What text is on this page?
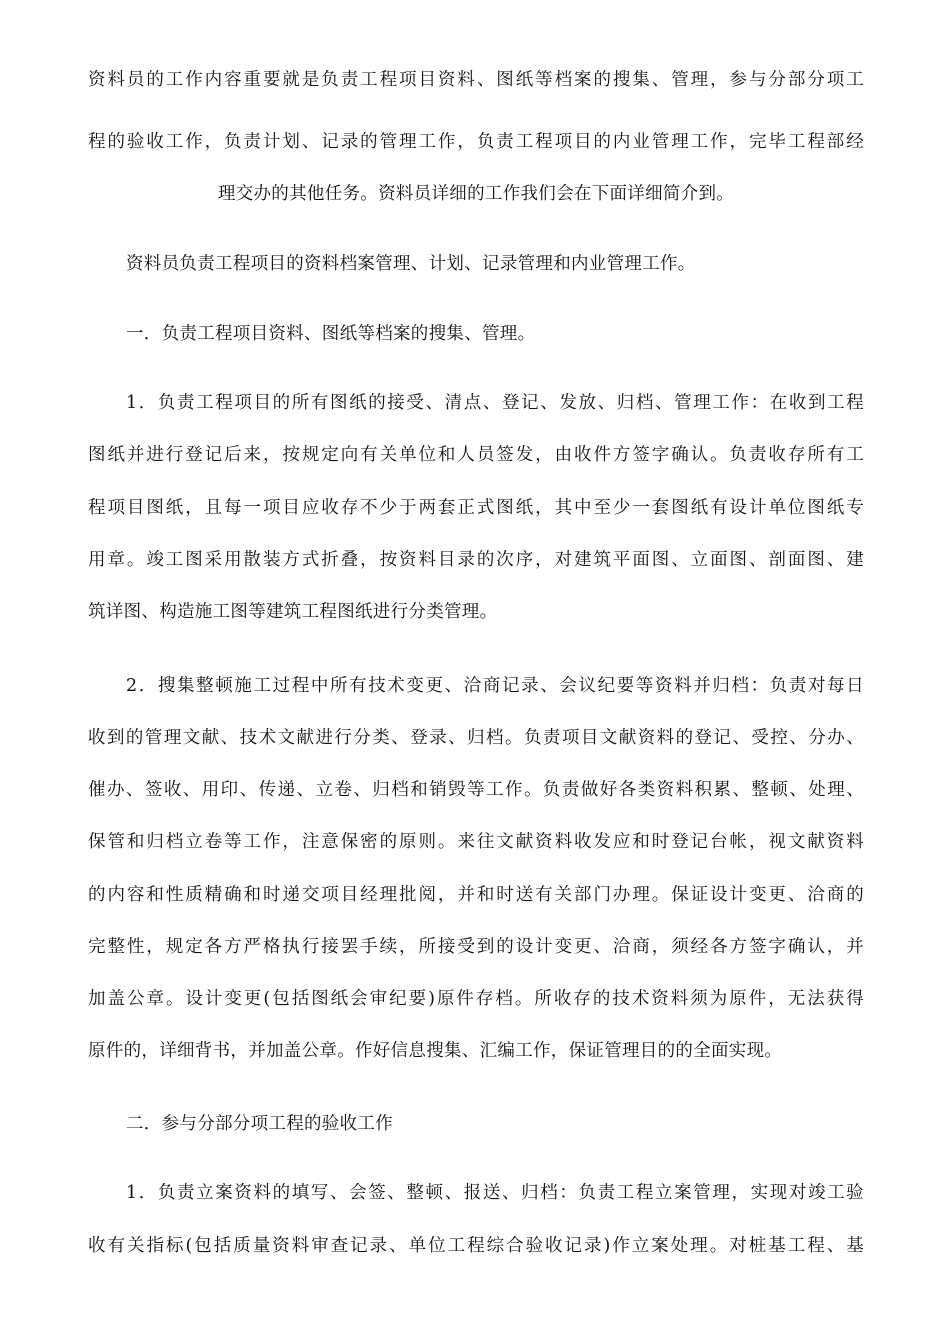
资料员的工作内容重要就是负责工程项目资料、图纸等档案的搜集、管理，参与分部分项工
程的验收工作，负责计划、记录的管理工作，负责工程项目的内业管理工作，完毕工程部经
理交办的其他任务。资料员详细的工作我们会在下面详细简介到。
资料员负责工程项目的资料档案管理、计划、记录管理和内业管理工作。
一．负责工程项目资料、图纸等档案的搜集、管理。
1．负责工程项目的所有图纸的接受、清点、登记、发放、归档、管理工作：在收到工程
图纸并进行登记后来，按规定向有关单位和人员签发，由收件方签字确认。负责收存所有工
程项目图纸，且每一项目应收存不少于两套正式图纸，其中至少一套图纸有设计单位图纸专
用章。竣工图采用散装方式折叠，按资料目录的次序，对建筑平面图、立面图、剖面图、建
筑详图、构造施工图等建筑工程图纸进行分类管理。
2．搜集整顿施工过程中所有技术变更、洽商记录、会议纪要等资料并归档：负责对每日
收到的管理文献、技术文献进行分类、登录、归档。负责项目文献资料的登记、受控、分办、
催办、签收、用印、传递、立卷、归档和销毁等工作。负责做好各类资料积累、整顿、处理、
保管和归档立卷等工作，注意保密的原则。来往文献资料收发应和时登记台帐，视文献资料
的内容和性质精确和时递交项目经理批阅，并和时送有关部门办理。保证设计变更、洽商的
完整性，规定各方严格执行接罢手续，所接受到的设计变更、洽商，须经各方签字确认，并
加盖公章。设计变更(包括图纸会审纪要)原件存档。所收存的技术资料须为原件，无法获得
原件的，详细背书，并加盖公章。作好信息搜集、汇编工作，保证管理目的的全面实现。
二．参与分部分项工程的验收工作
1．负责立案资料的填写、会签、整顿、报送、归档：负责工程立案管理，实现对竣工验
收有关指标(包括质量资料审查记录、单位工程综合验收记录)作立案处理。对桩基工程、基
